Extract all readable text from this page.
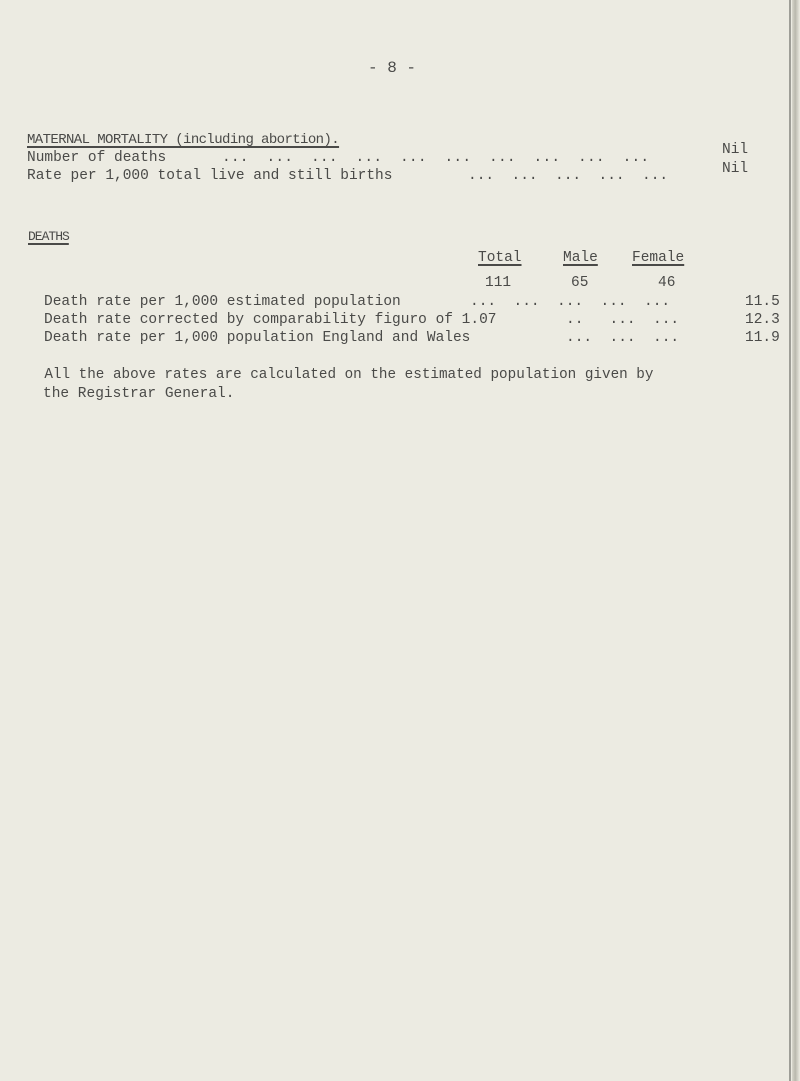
- 8 -
MATERNAL MORTALITY (including abortion).
Number of deaths	...  ...  ...  ...  ...  ...  ...  ...  ...  ...	Nil
Rate per 1,000 total live and still births	...  ...  ...  ...  ...	Nil
DEATHS
Total	Male Female
111	65	46
Death rate per 1,000 estimated population	...  ...  ...  ...  ...	11.5
Death rate corrected by comparability figuro of 1.07	..   ...  ...	12.3
Death rate per 1,000 population England and Wales	...  ...  ...	11.9
All the above rates are calculated on the estimated population given by
the Registrar General.
